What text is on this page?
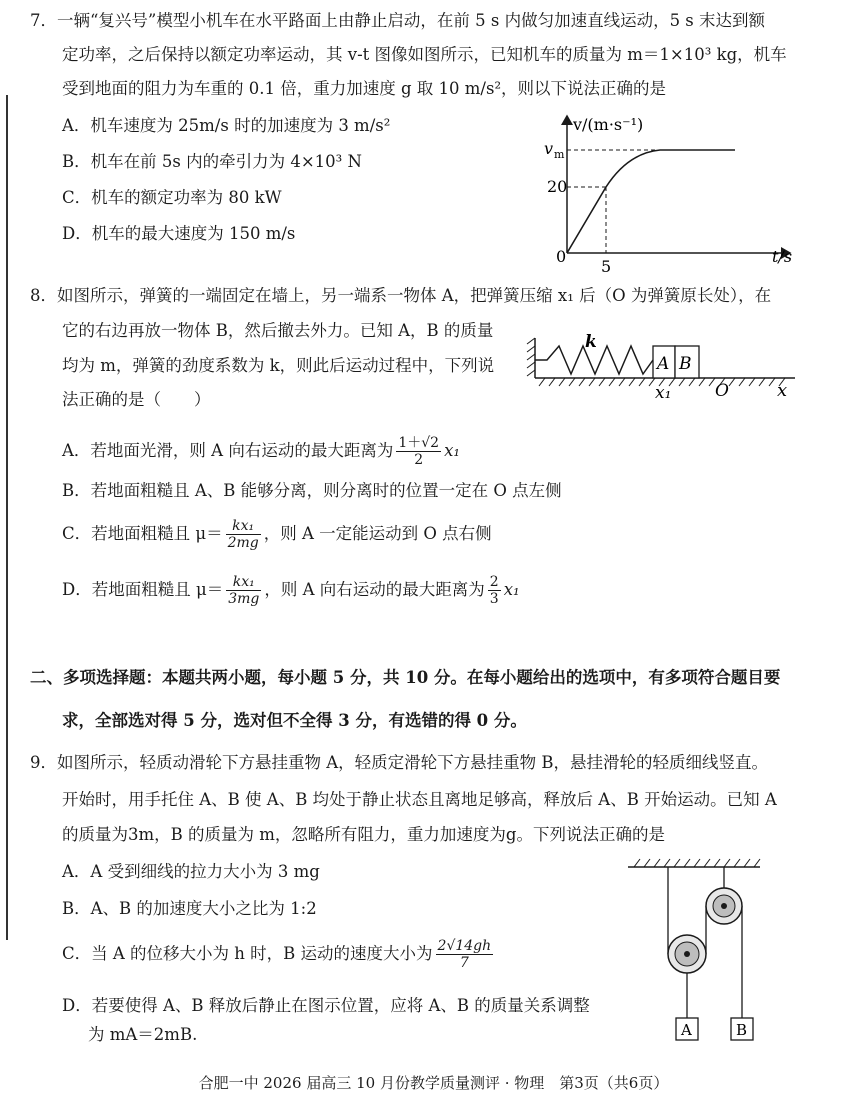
7．一辆“复兴号”模型小机车在水平路面上由静止启动，在前 5 s 内做匀加速直线运动，5 s 末达到额
定功率，之后保持以额定功率运动，其 v-t 图像如图所示，已知机车的质量为 m＝1×10³ kg，机车
受到地面的阻力为车重的 0.1 倍，重力加速度 g 取 10 m/s²，则以下说法正确的是
A．机车速度为 25m/s 时的加速度为 3 m/s²
B．机车在前 5s 内的牵引力为 4×10³ N
C．机车的额定功率为 80 kW
D．机车的最大速度为 150 m/s
v/(m·s⁻¹)
t/s
v m
20
5
0
8．如图所示，弹簧的一端固定在墙上，另一端系一物体 A，把弹簧压缩 x₁ 后（O 为弹簧原长处），在
它的右边再放一物体 B，然后撤去外力。已知 A，B 的质量
均为 m，弹簧的劲度系数为 k，则此后运动过程中，下列说
法正确的是（　　）
A B
k
x₁	O	x
A．若地面光滑，则 A 向右运动的最大距离为 $\frac{1+√2}{2} x_1$
B．若地面粗糙且 A、B 能够分离，则分离时的位置一定在 O 点左侧
C．若地面粗糙且 $\mu= \frac{\text{kx₁}}{2mg}$ ，则 A 一定能运动到 O 点右侧
D．若地面粗糙且 $\mu= \frac{\text{kx₁}}{3mg}$ ，则 A 向右运动的最大距离为 $\frac{2}{3} x_1$
二、多项选择题：本题共两小题，每小题 5 分，共 10 分。在每小题给出的选项中，有多项符合题目要
求，全部选对得 5 分，选对但不全得 3 分，有选错的得 0 分。
9．如图所示，轻质动滑轮下方悬挂重物 A，轻质定滑轮下方悬挂重物 B，悬挂滑轮的轻质细线竖直。
开始时，用手托住 A、B 使 A、B 均处于静止状态且离地足够高，释放后 A、B 开始运动。已知 A
的质量为3m，B 的质量为 m，忽略所有阻力，重力加速度为g。下列说法正确的是
A．A 受到细线的拉力大小为 3 mg
B．A、B 的加速度大小之比为 1:2
C．当 A 的位移大小为 h 时，B 运动的速度大小为 $\frac{2√14gh}{7}$
D．若要使得 A、B 释放后静止在图示位置，应将 A、B 的质量关系调整
为 mA＝2mB.	A	B
合肥一中 2026 届高三 10 月份教学质量测评 · 物理　第3页（共6页）
